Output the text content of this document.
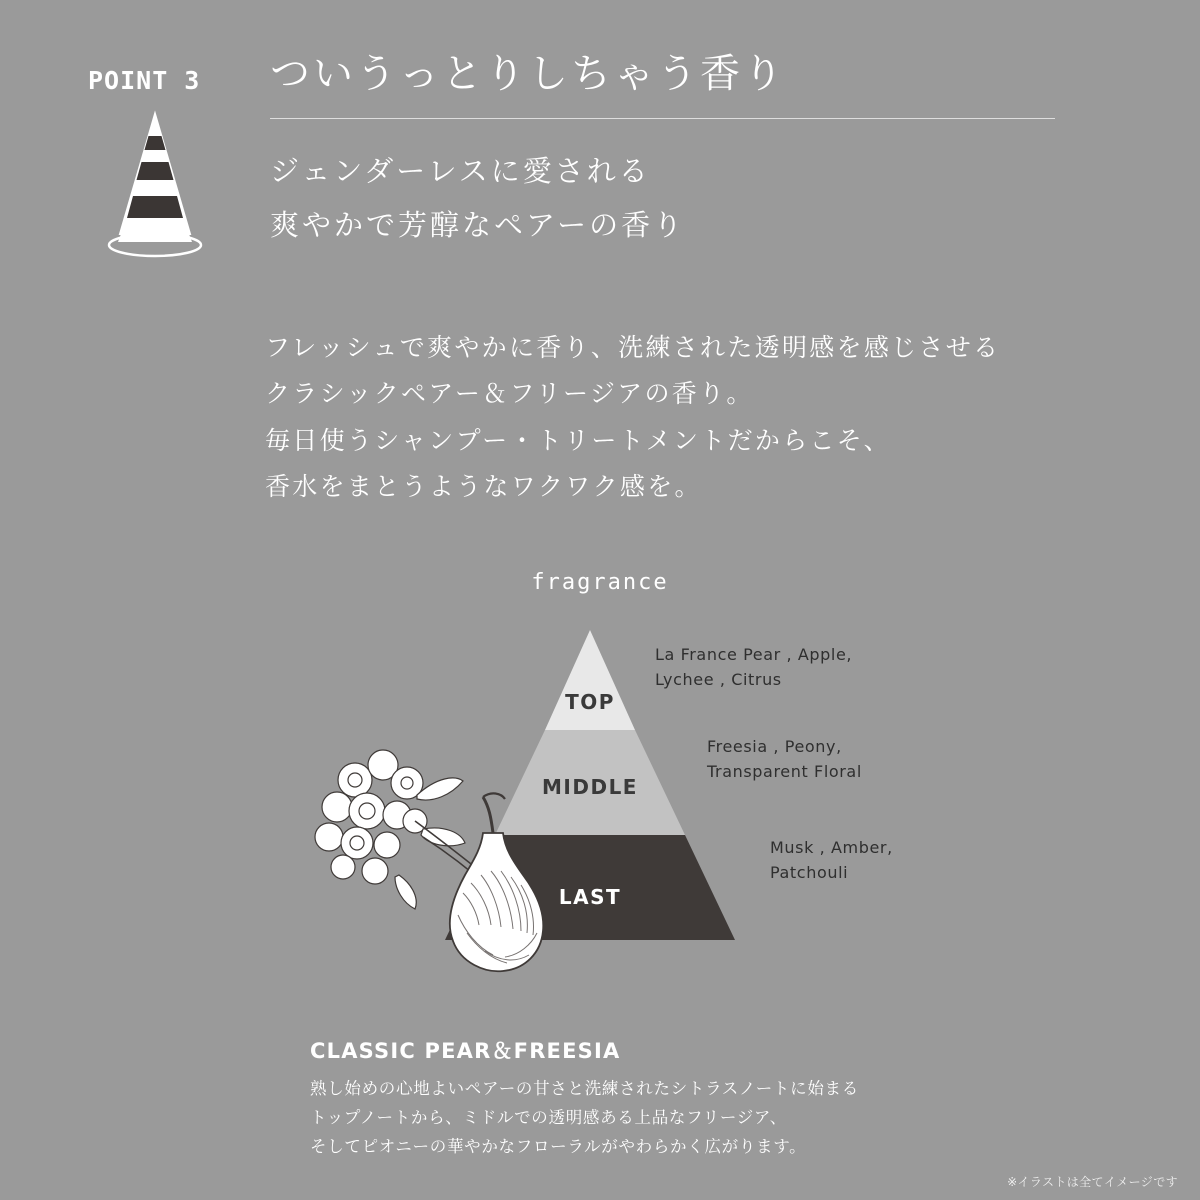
POINT 3 ついうっとりしちゃう香り
ジェンダーレスに愛される
爽やかで芳醇なペアーの香り
フレッシュで爽やかに香り、洗練された透明感を感じさせる
クラシックペアー＆フリージアの香り。
毎日使うシャンプー・トリートメントだからこそ、
香水をまとうようなワクワク感を。
fragrance
TOP
MIDDLE
LAST
La France Pear , Apple,
Lychee , Citrus
Freesia , Peony,
Transparent Floral
Musk , Amber,
Patchouli
CLASSIC PEAR＆FREESIA
熟し始めの心地よいペアーの甘さと洗練されたシトラスノートに始まる
トップノートから、ミドルでの透明感ある上品なフリージア、
そしてピオニーの華やかなフローラルがやわらかく広がります。
※イラストは全てイメージです
